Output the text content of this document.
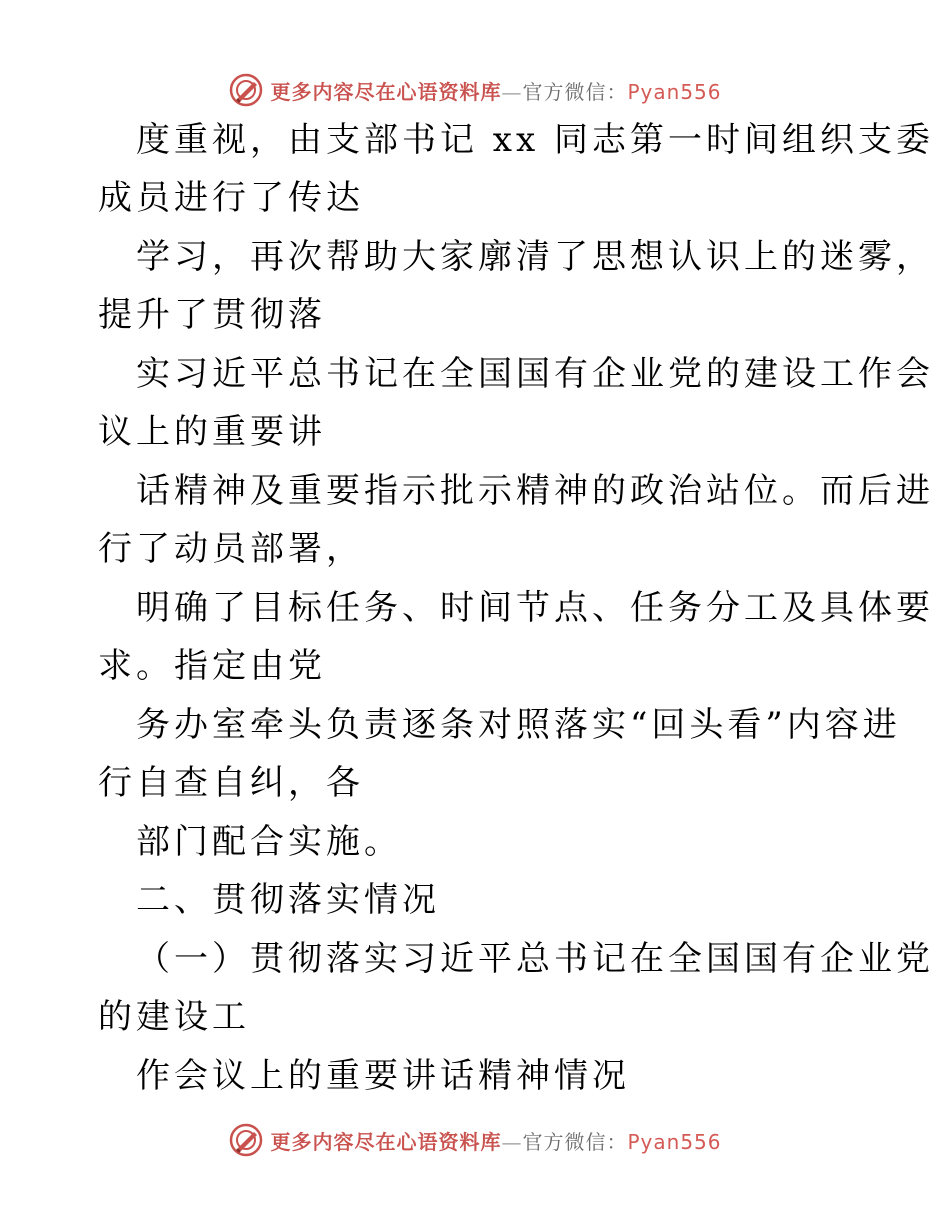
更多内容尽在心语资料库—官方微信：Pyan556
度重视，由支部书记 xx 同志第一时间组织支委
成员进行了传达
学习，再次帮助大家廓清了思想认识上的迷雾，
提升了贯彻落
实习近平总书记在全国国有企业党的建设工作会
议上的重要讲
话精神及重要指示批示精神的政治站位。而后进
行了动员部署，
明确了目标任务、时间节点、任务分工及具体要
求。指定由党
务办室牵头负责逐条对照落实“回头看”内容进
行自查自纠，各
部门配合实施。
二、贯彻落实情况
（一）贯彻落实习近平总书记在全国国有企业党
的建设工
作会议上的重要讲话精神情况
更多内容尽在心语资料库—官方微信：Pyan556
